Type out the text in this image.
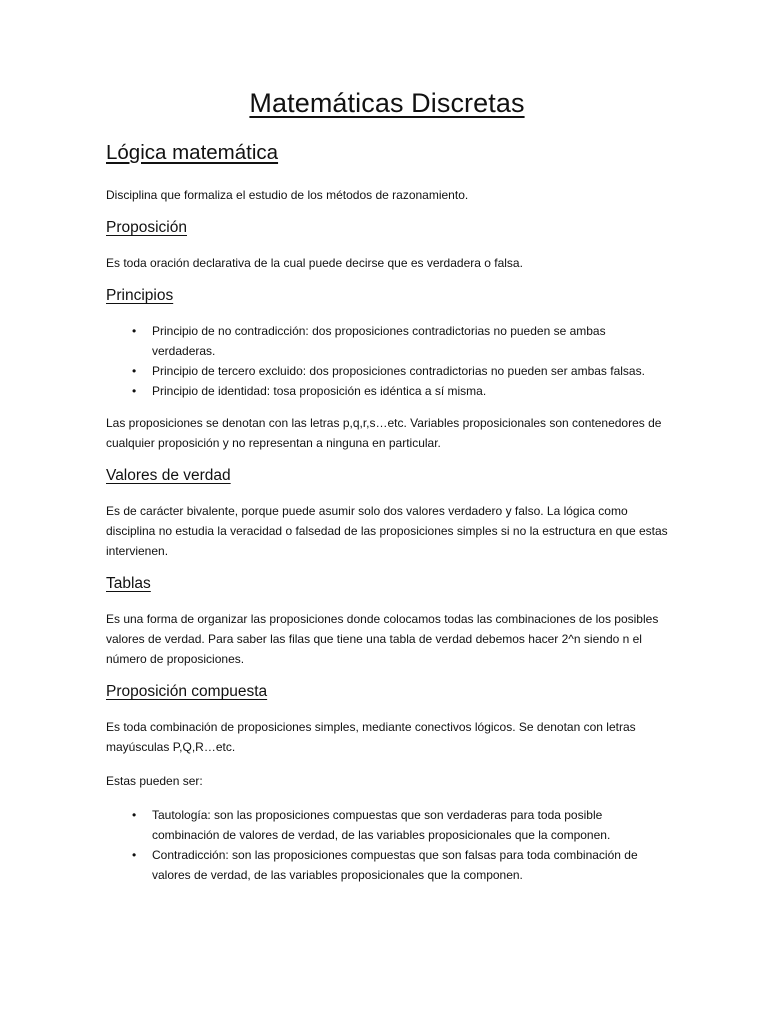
Matemáticas Discretas
Lógica matemática

Disciplina que formaliza el estudio de los métodos de razonamiento.

Proposición

Es toda oración declarativa de la cual puede decirse que es verdadera o falsa.

Principios
• Principio de no contradicción: dos proposiciones contradictorias no pueden se ambas verdaderas.
• Principio de tercero excluido: dos proposiciones contradictorias no pueden ser ambas falsas.
• Principio de identidad: tosa proposición es idéntica a sí misma.

Las proposiciones se denotan con las letras p,q,r,s…etc. Variables proposicionales son contenedores de cualquier proposición y no representan a ninguna en particular.

Valores de verdad

Es de carácter bivalente, porque puede asumir solo dos valores verdadero y falso. La lógica como disciplina no estudia la veracidad o falsedad de las proposiciones simples si no la estructura en que estas intervienen.

Tablas

Es una forma de organizar las proposiciones donde colocamos todas las combinaciones de los posibles valores de verdad. Para saber las filas que tiene una tabla de verdad debemos hacer 2^n siendo n el número de proposiciones.

Proposición compuesta

Es toda combinación de proposiciones simples, mediante conectivos lógicos. Se denotan con letras mayúsculas P,Q,R…etc.

Estas pueden ser:

• Tautología: son las proposiciones compuestas que son verdaderas para toda posible combinación de valores de verdad, de las variables proposicionales que la componen.
• Contradicción: son las proposiciones compuestas que son falsas para toda combinación de valores de verdad, de las variables proposicionales que la componen.
